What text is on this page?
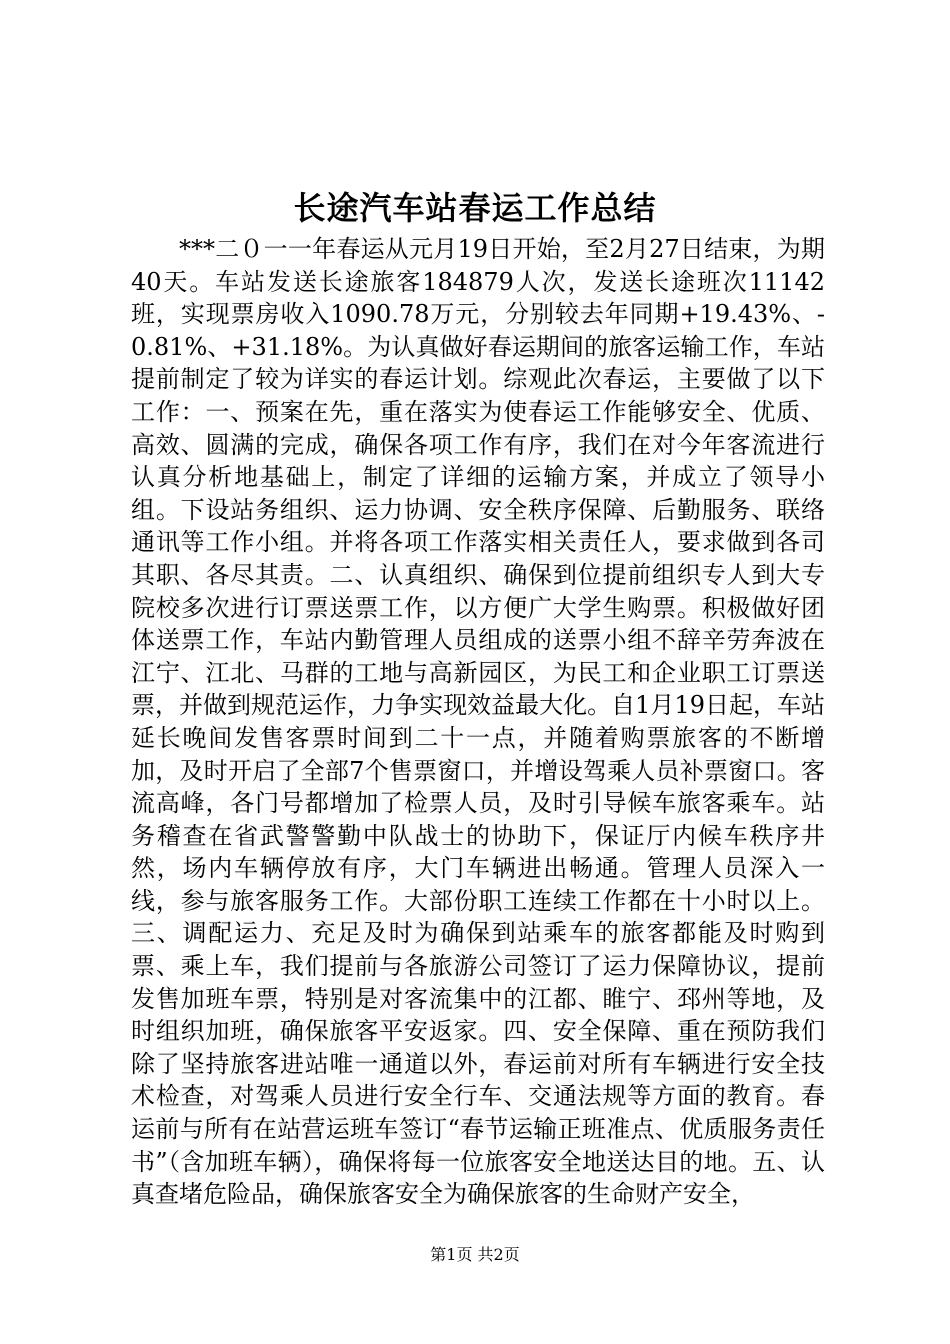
长途汽车站春运工作总结

***二０一一年春运从元月19日开始，至2月27日结束，为期40天。车站发送长途旅客184879人次，发送长途班次11142班，实现票房收入1090.78万元，分别较去年同期+19.43%、-0.81%、+31.18%。为认真做好春运期间的旅客运输工作，车站提前制定了较为详实的春运计划。综观此次春运，主要做了以下工作：一、预案在先，重在落实为使春运工作能够安全、优质、高效、圆满的完成，确保各项工作有序，我们在对今年客流进行认真分析地基础上，制定了详细的运输方案，并成立了领导小组。下设站务组织、运力协调、安全秩序保障、后勤服务、联络通讯等工作小组。并将各项工作落实相关责任人，要求做到各司其职、各尽其责。二、认真组织、确保到位提前组织专人到大专院校多次进行订票送票工作，以方便广大学生购票。积极做好团体送票工作，车站内勤管理人员组成的送票小组不辞辛劳奔波在江宁、江北、马群的工地与高新园区，为民工和企业职工订票送票，并做到规范运作，力争实现效益最大化。自1月19日起，车站延长晚间发售客票时间到二十一点，并随着购票旅客的不断增加，及时开启了全部7个售票窗口，并增设驾乘人员补票窗口。客流高峰，各门号都增加了检票人员，及时引导候车旅客乘车。站务稽查在省武警警勤中队战士的协助下，保证厅内候车秩序井然，场内车辆停放有序，大门车辆进出畅通。管理人员深入一线，参与旅客服务工作。大部份职工连续工作都在十小时以上。三、调配运力、充足及时为确保到站乘车的旅客都能及时购到票、乘上车，我们提前与各旅游公司签订了运力保障协议，提前发售加班车票，特别是对客流集中的江都、睢宁、邳州等地，及时组织加班，确保旅客平安返家。四、安全保障、重在预防我们除了坚持旅客进站唯一通道以外，春运前对所有车辆进行安全技术检查，对驾乘人员进行安全行车、交通法规等方面的教育。春运前与所有在站营运班车签订“春节运输正班准点、优质服务责任书”（含加班车辆），确保将每一位旅客安全地送达目的地。五、认真查堵危险品，确保旅客安全为确保旅客的生命财产安全，

第1页 共2页
